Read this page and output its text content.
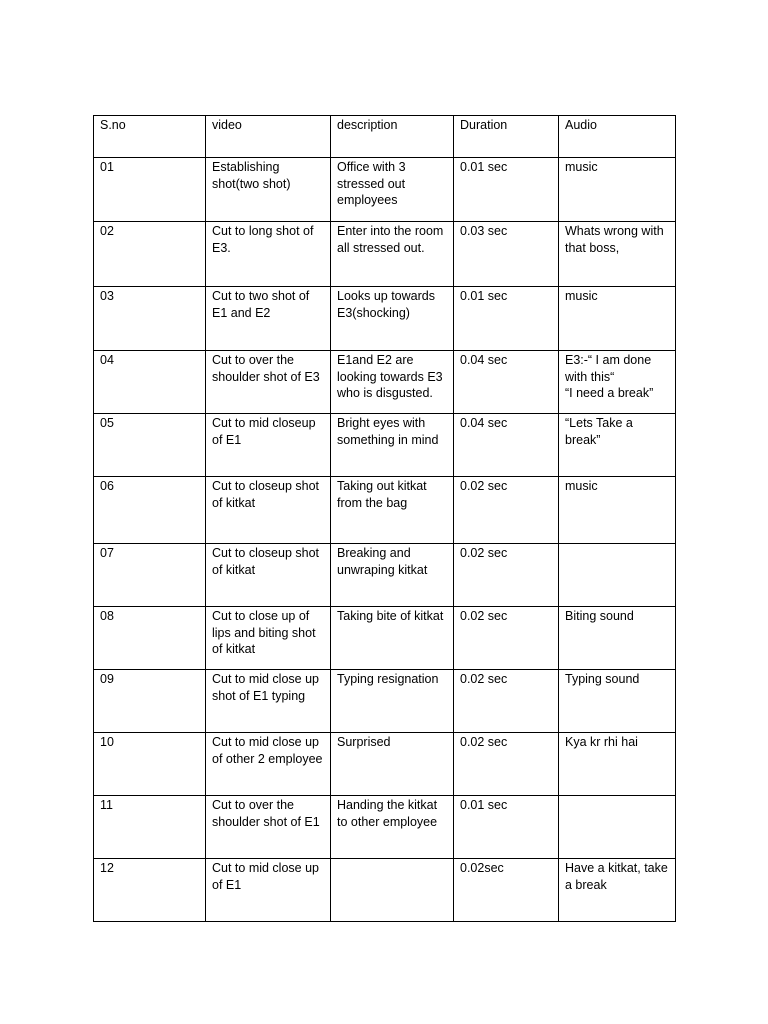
S.no	video	description	Duration	Audio
01	Establishing shot(two shot)	Office with 3 stressed out employees	0.01 sec	music
02	Cut to long shot of E3.	Enter into the room all stressed out.	0.03 sec	Whats wrong with that boss,
03	Cut to two shot of E1 and E2	Looks up towards E3(shocking)	0.01 sec	music
04	Cut to over the shoulder shot of E3	E1and E2 are looking towards E3 who is disgusted.	0.04 sec	E3:-“ I am done with this“
“I need a break”
05	Cut to mid closeup of E1	Bright eyes with something in mind	0.04 sec	“Lets Take a break”
06	Cut to closeup shot of kitkat	Taking out kitkat from the bag	0.02 sec	music
07	Cut to closeup shot of kitkat	Breaking and unwraping kitkat	0.02 sec	
08	Cut to close up of lips and biting shot of kitkat	Taking bite of kitkat	0.02 sec	Biting sound
09	Cut to mid close up shot of E1 typing	Typing resignation	0.02 sec	Typing sound
10	Cut to mid close up of other 2 employee	Surprised	0.02 sec	Kya kr rhi hai
11	Cut to over the shoulder shot of E1	Handing the kitkat to other employee	0.01 sec	
12	Cut to mid close up of E1		0.02sec	Have a kitkat, take a break
